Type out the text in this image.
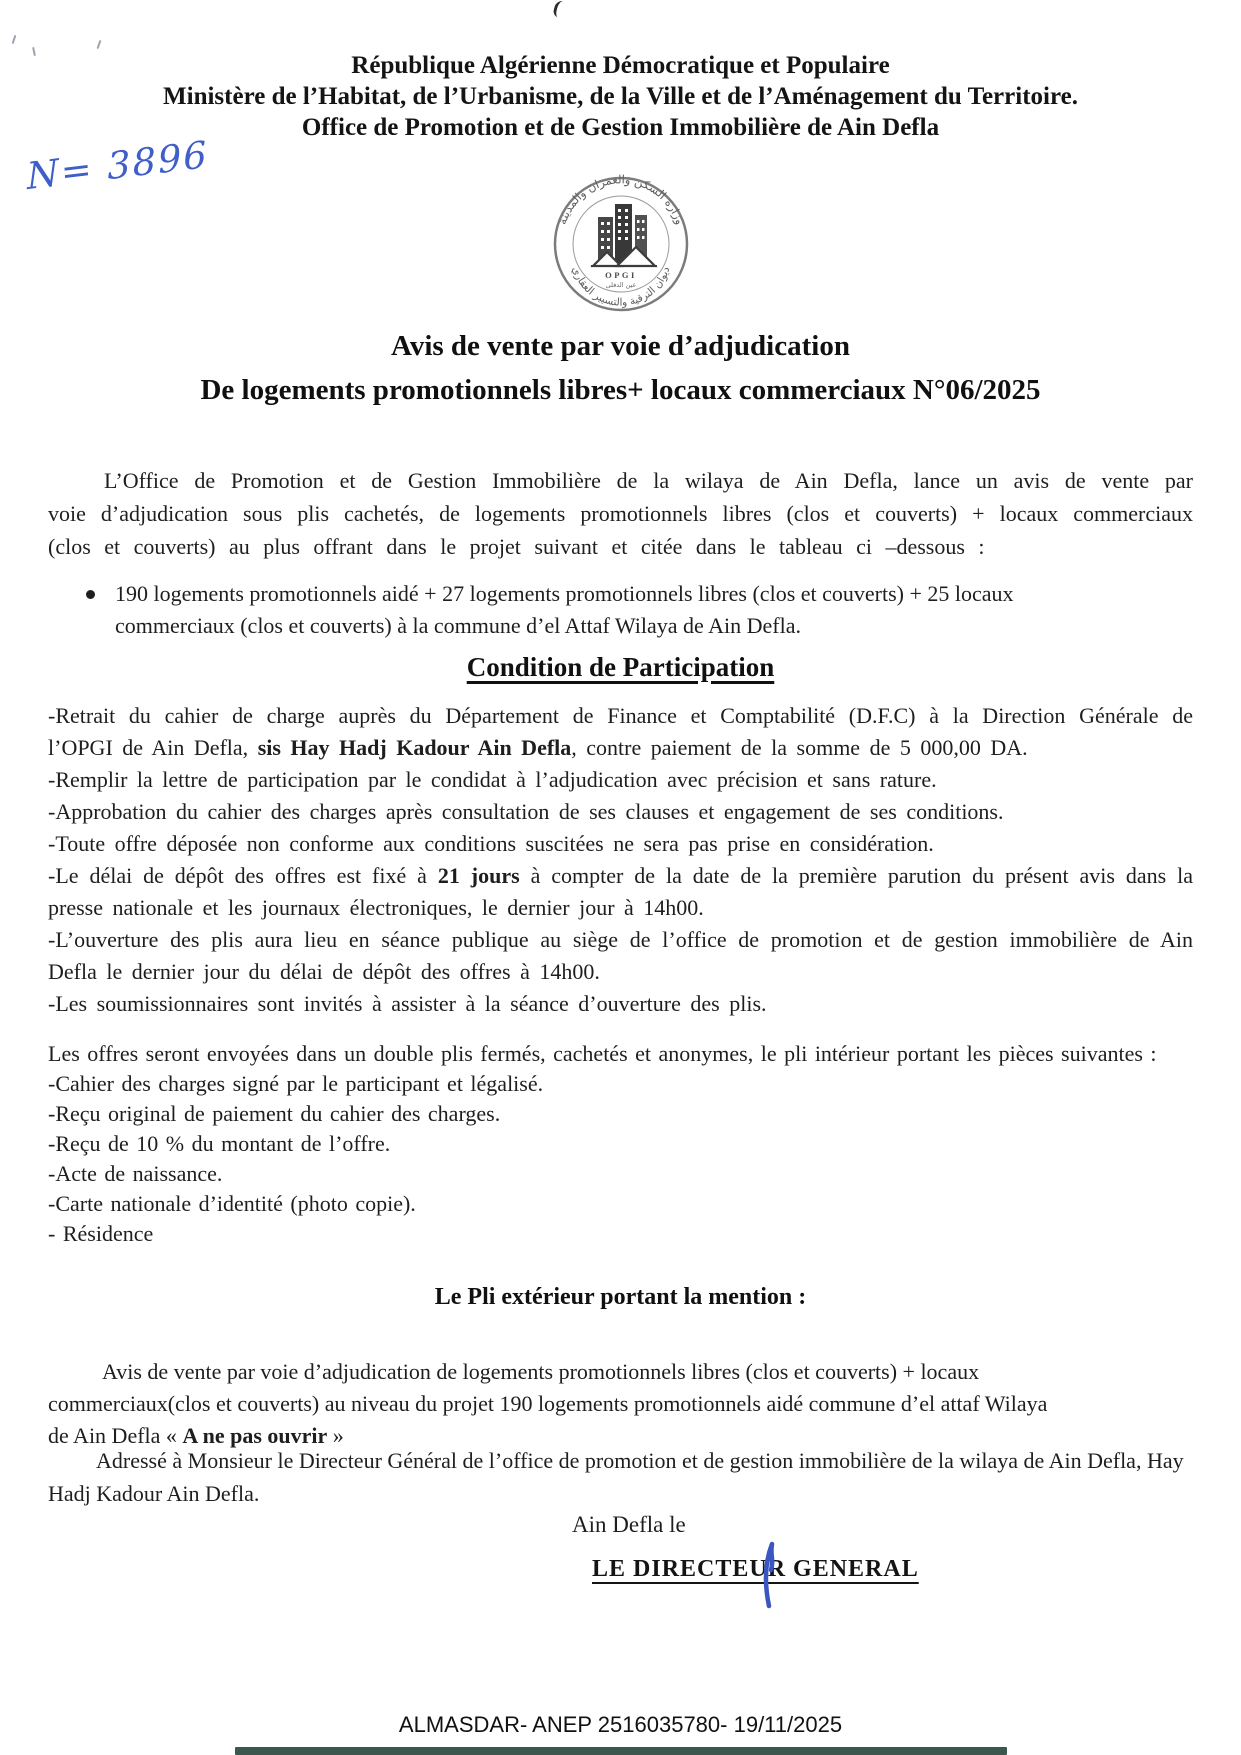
République Algérienne Démocratique et Populaire
Ministère de l’Habitat, de l’Urbanisme, de la Ville et de l’Aménagement du Territoire.
Office de Promotion et de Gestion Immobilière de Ain Defla
N= 3896
وزارة السكن والعمران والمدينة
ديوان الترقية والتسيير العقاري
OPGI
عين الدفلى
Avis de vente par voie d’adjudication
De logements promotionnels libres+ locaux commerciaux N°06/2025

L’Office de Promotion et de Gestion Immobilière de la wilaya de Ain Defla, lance un avis de vente par voie d’adjudication sous plis cachetés, de logements promotionnels libres (clos et couverts) + locaux commerciaux (clos et couverts) au plus offrant dans le projet suivant et citée dans le tableau ci –dessous :

190 logements promotionnels aidé + 27 logements promotionnels libres (clos et couverts) + 25 locaux commerciaux (clos et couverts) à la commune d’el Attaf Wilaya de Ain Defla.
Condition de Participation

-Retrait du cahier de charge auprès du Département de Finance et Comptabilité (D.F.C) à la Direction Générale de l’OPGI de Ain Defla, sis Hay Hadj Kadour Ain Defla, contre paiement de la somme de 5 000,00 DA.

-Remplir la lettre de participation par le condidat à l’adjudication avec précision et sans rature.

-Approbation du cahier des charges après consultation de ses clauses et engagement de ses conditions.

-Toute offre déposée non conforme aux conditions suscitées ne sera pas prise en considération.

-Le délai de dépôt des offres est fixé à 21 jours à compter de la date de la première parution du présent avis dans la presse nationale et les journaux électroniques, le dernier jour à 14h00.

-L’ouverture des plis aura lieu en séance publique au siège de l’office de promotion et de gestion immobilière de Ain Defla le dernier jour du délai de dépôt des offres à 14h00.

-Les soumissionnaires sont invités à assister à la séance d’ouverture des plis.

Les offres seront envoyées dans un double plis fermés, cachetés et anonymes, le pli intérieur portant les pièces suivantes :

-Cahier des charges signé par le participant et légalisé.

-Reçu original de paiement du cahier des charges.

-Reçu de 10 % du montant de l’offre.

-Acte de naissance.

-Carte nationale d’identité (photo copie).

- Résidence

Le Pli extérieur portant la mention :

Avis de vente par voie d’adjudication de logements promotionnels libres (clos et couverts) + locaux commerciaux(clos et couverts) au niveau du projet 190 logements promotionnels aidé commune d’el attaf Wilaya de Ain Defla « A ne pas ouvrir »

Adressé à Monsieur le Directeur Général de l’office de promotion et de gestion immobilière de la wilaya de Ain Defla, Hay Hadj Kadour Ain Defla.

Ain Defla le
LE DIRECTEUR GENERAL
ALMASDAR- ANEP 2516035780- 19/11/2025
